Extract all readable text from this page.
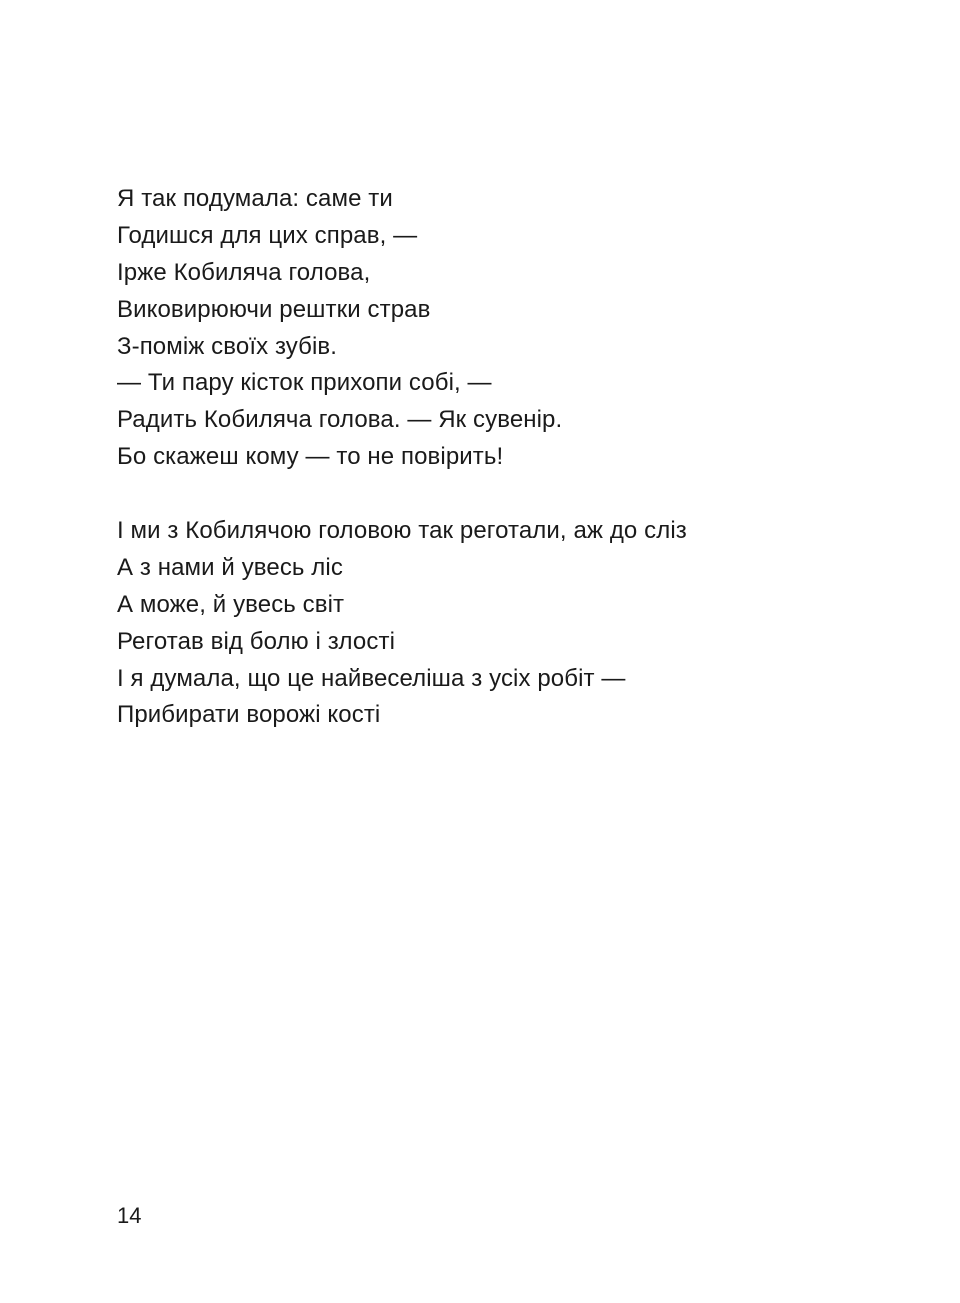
Я так подумала: саме ти
Годишся для цих справ, —
Ірже Кобиляча голова,
Виковирюючи рештки страв
З-поміж своїх зубів.
— Ти пару кісток прихопи собі, —
Радить Кобиляча голова. — Як сувенір.
Бо скажеш кому — то не повірить!
І ми з Кобилячою головою так реготали, аж до сліз
А з нами й увесь ліс
А може, й увесь світ
Реготав від болю і злості
І я думала, що це найвеселіша з усіх робіт —
Прибирати ворожі кості
14
